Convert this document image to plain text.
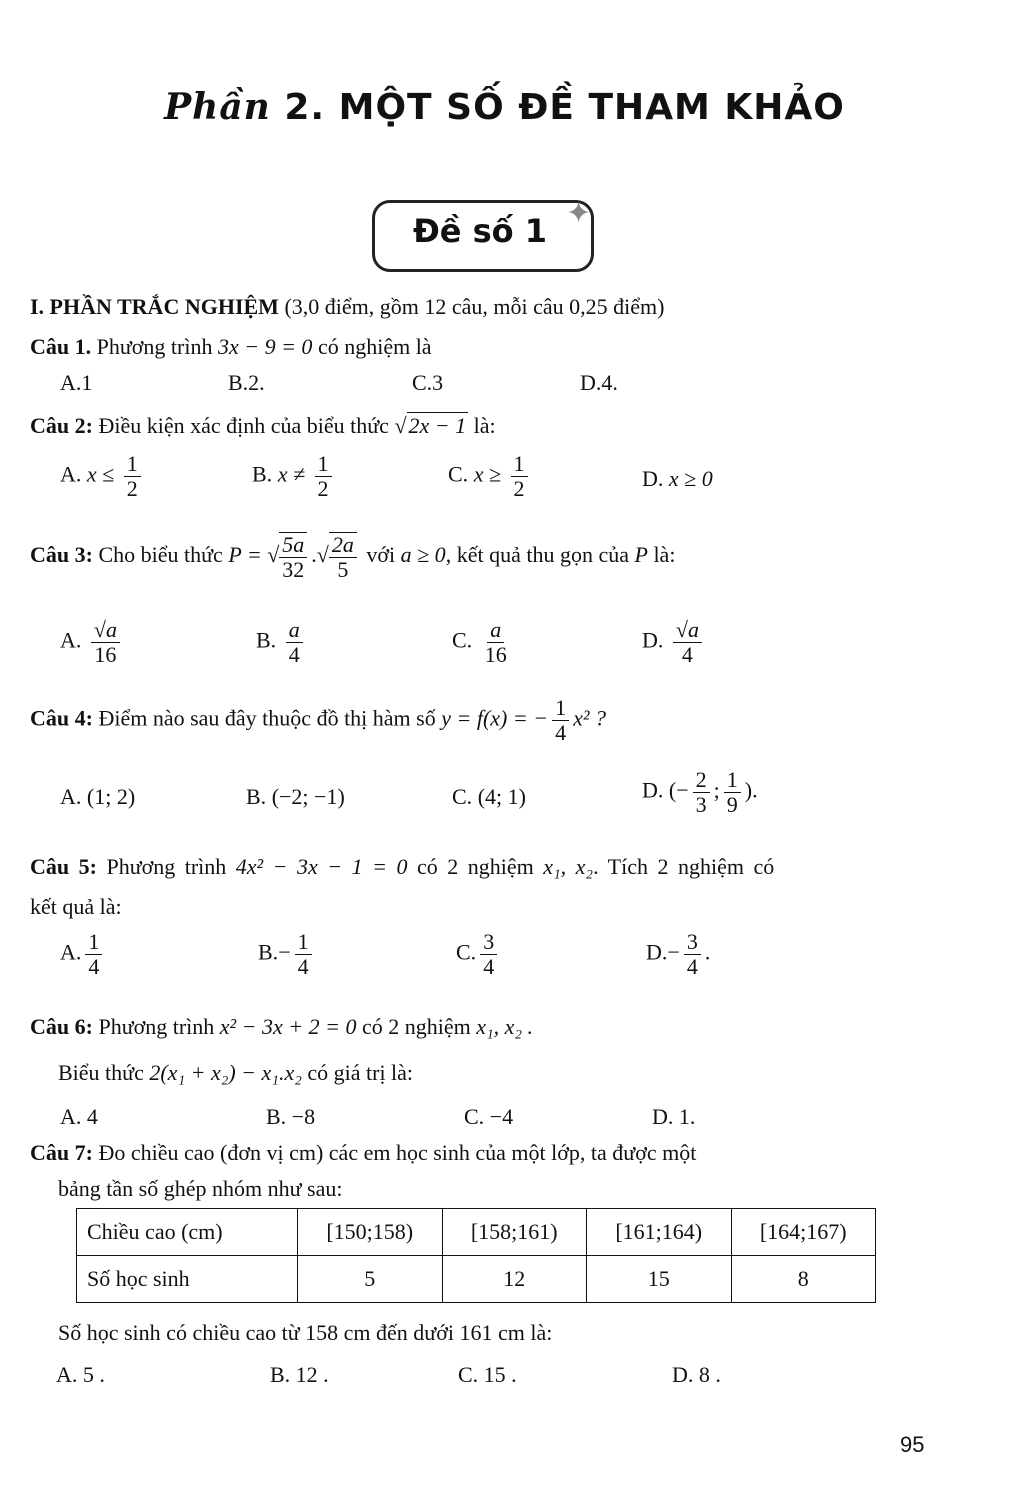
Phần 2. MỘT SỐ ĐỀ THAM KHẢO
Đề số 1 ✦
I. PHẦN TRẮC NGHIỆM (3,0 điểm, gồm 12 câu, mỗi câu 0,25 điểm)
Câu 1. Phương trình 3x − 9 = 0 có nghiệm là
A.1	B.2.	C.3	D.4.
Câu 2: Điều kiện xác định của biểu thức √2x − 1 là:
A. $x \le \frac{1}{2}$	B. $x \ne \frac{1}{2}$	C. $x \ge \frac{1}{2}$	D. x ≥ 0
Câu 3: Cho biểu thức P = √ $\frac{5a}{32}$ .√ $\frac{2a}{5}$ với a ≥ 0, kết quả thu gọn của P là:
A. $\frac{√a}{16}$	B. $\frac{a}{4}$	C. $\frac{a}{16}$	D. $\frac{√a}{4}$
Câu 4: Điểm nào sau đây thuộc đồ thị hàm số y = f(x) = − $\frac{1}{4} x^2$ ?
A. (1; 2)	B. (−2; −1)	C. (4; 1)	D. (− $\frac{2}{3}$ ; $\frac{1}{9}$ ).
Câu 5: Phương trình 4x² − 3x − 1 = 0 có 2 nghiệm x₁, x₂. Tích 2 nghiệm có
kết quả là:
A. $\frac{1}{4}$	$B.- \frac{1}{4}$	C. $\frac{3}{4}$	$D.- \frac{3}{4}$ .
Câu 6: Phương trình x² − 3x + 2 = 0 có 2 nghiệm x₁, x₂ .
Biểu thức 2(x₁ + x₂) − x₁.x₂ có giá trị là:
A. 4	B. −8	C. −4	D. 1.
Câu 7: Đo chiều cao (đơn vị cm) các em học sinh của một lớp, ta được một
bảng tần số ghép nhóm như sau:
Chiều cao (cm)	[150;158)	[158;161)	[161;164)	[164;167)
Số học sinh	5	12	15	8
Số học sinh có chiều cao từ 158 cm đến dưới 161 cm là:
A. 5 .	B. 12 .	C. 15 .	D. 8 .
95
